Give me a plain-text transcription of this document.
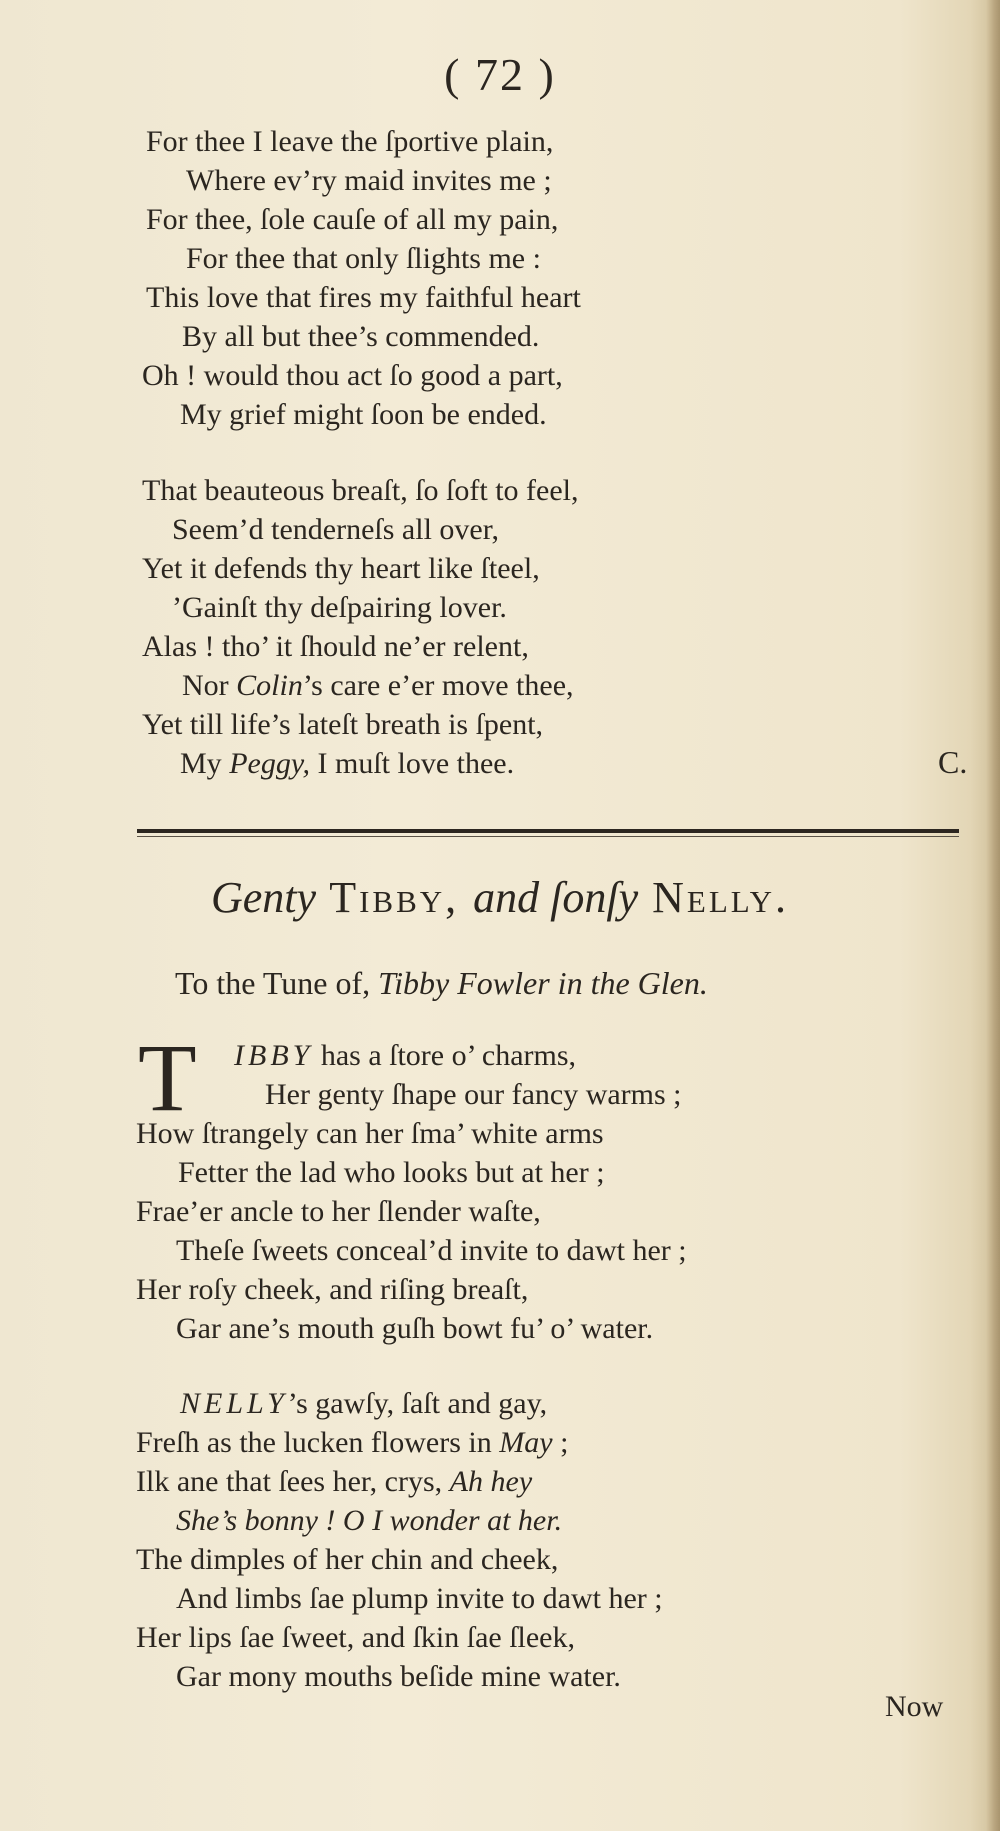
( 72 )
For thee I leave the ſportive plain,
Where ev’ry maid invites me ;
For thee, ſole cauſe of all my pain,
For thee that only ſlights me :
This love that fires my faithful heart
By all but thee’s commended.
Oh ! would thou act ſo good a part,
My grief might ſoon be ended.
That beauteous breaſt, ſo ſoft to feel,
Seem’d tenderneſs all over,
Yet it defends thy heart like ſteel,
’Gainſt thy deſpairing lover.
Alas ! tho’ it ſhould ne’er relent,
Nor Colin’s care e’er move thee,
Yet till life’s lateſt breath is ſpent,
My Peggy, I muſt love thee.	C.
Genty Tibby, and ſonſy Nelly.
To the Tune of, Tibby Fowler in the Glen.
T IBBY has a ſtore o’ charms,
Her genty ſhape our fancy warms ;
How ſtrangely can her ſma’ white arms
Fetter the lad who looks but at her ;
Frae’er ancle to her ſlender waſte,
Theſe ſweets conceal’d invite to dawt her ;
Her roſy cheek, and riſing breaſt,
Gar ane’s mouth guſh bowt fu’ o’ water.
NELLY’s gawſy, ſaſt and gay,
Freſh as the lucken flowers in May ;
Ilk ane that ſees her, crys, Ah hey
She’s bonny ! O I wonder at her.
The dimples of her chin and cheek,
And limbs ſae plump invite to dawt her ;
Her lips ſae ſweet, and ſkin ſae ſleek,
Gar mony mouths beſide mine water.
Now
